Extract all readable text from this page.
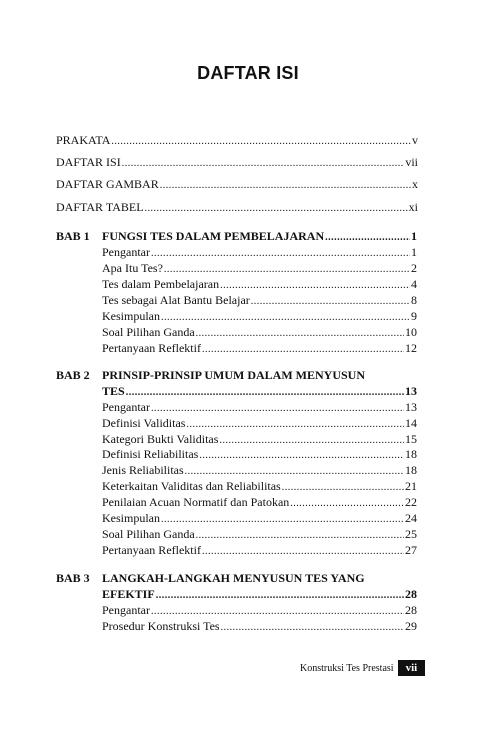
DAFTAR ISI
PRAKATA .....	v
DAFTAR ISI .....	vii
DAFTAR GAMBAR .....	x
DAFTAR TABEL .....	xi
BAB 1 FUNGSI TES DALAM PEMBELAJARAN .....	1
Pengantar .....	1
Apa Itu Tes? .....	2
Tes dalam Pembelajaran .....	4
Tes sebagai Alat Bantu Belajar .....	8
Kesimpulan .....	9
Soal Pilihan Ganda .....	10
Pertanyaan Reflektif .....	12
BAB 2 PRINSIP-PRINSIP UMUM DALAM MENYUSUN
TES .....	13
Pengantar .....	13
Definisi Validitas .....	14
Kategori Bukti Validitas .....	15
Definisi Reliabilitas .....	18
Jenis Reliabilitas .....	18
Keterkaitan Validitas dan Reliabilitas .....	21
Penilaian Acuan Normatif dan Patokan .....	22
Kesimpulan .....	24
Soal Pilihan Ganda .....	25
Pertanyaan Reflektif .....	27
BAB 3 LANGKAH-LANGKAH MENYUSUN TES YANG
EFEKTIF .....	28
Pengantar .....	28
Prosedur Konstruksi Tes .....	29
Konstruksi Tes Prestasi	vii
